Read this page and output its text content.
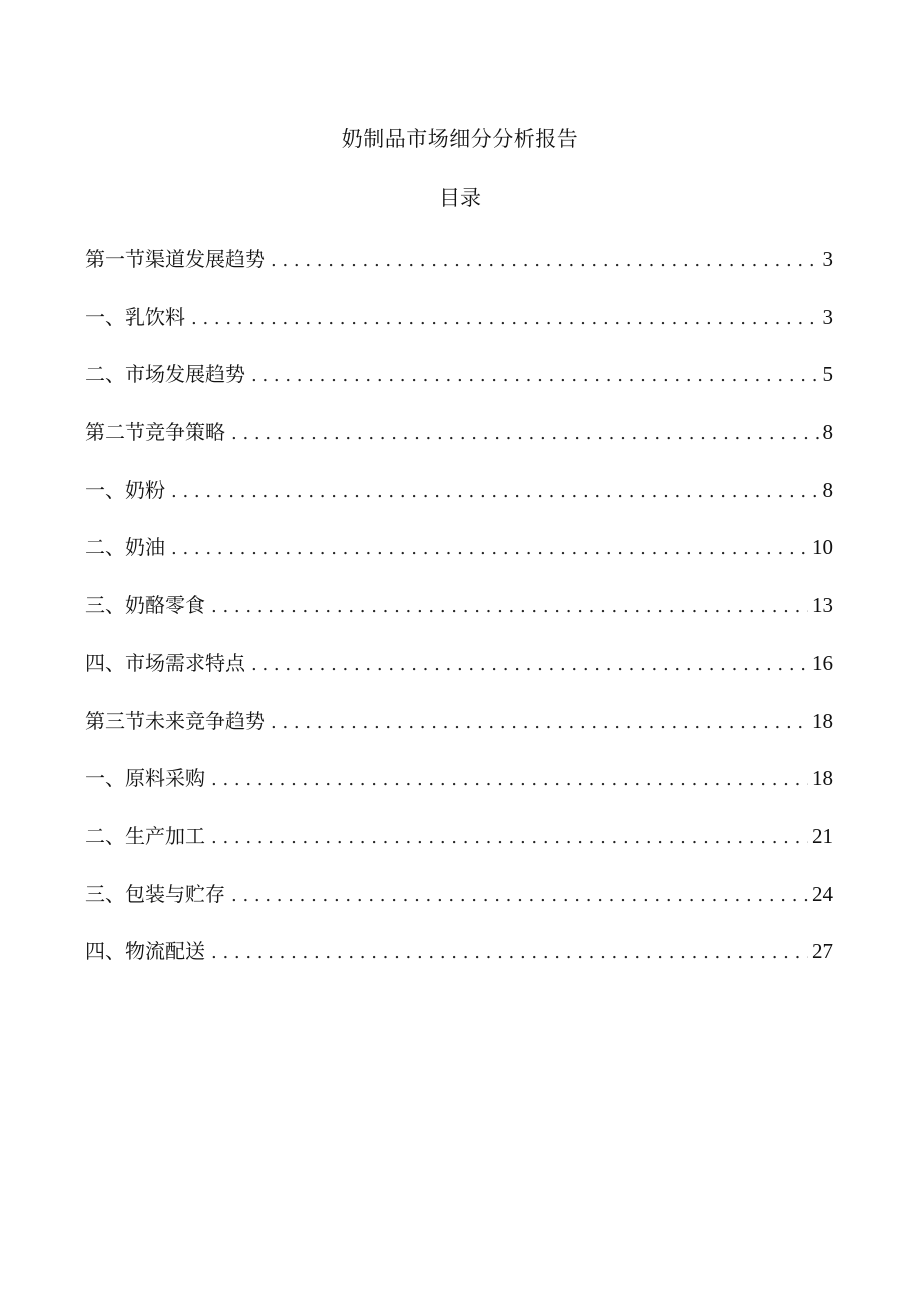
奶制品市场细分分析报告
目录
第一节渠道发展趋势 . . .	3
一、乳饮料 . . .	3
二、市场发展趋势 . . .	5
第二节竞争策略 . . .	8
一、奶粉 . . .	8
二、奶油 . . .	10
三、奶酪零食 . . .	13
四、市场需求特点 . . .	16
第三节未来竞争趋势 . . .	18
一、原料采购 . . .	18
二、生产加工 . . .	21
三、包装与贮存 . . .	24
四、物流配送 . . .	27
